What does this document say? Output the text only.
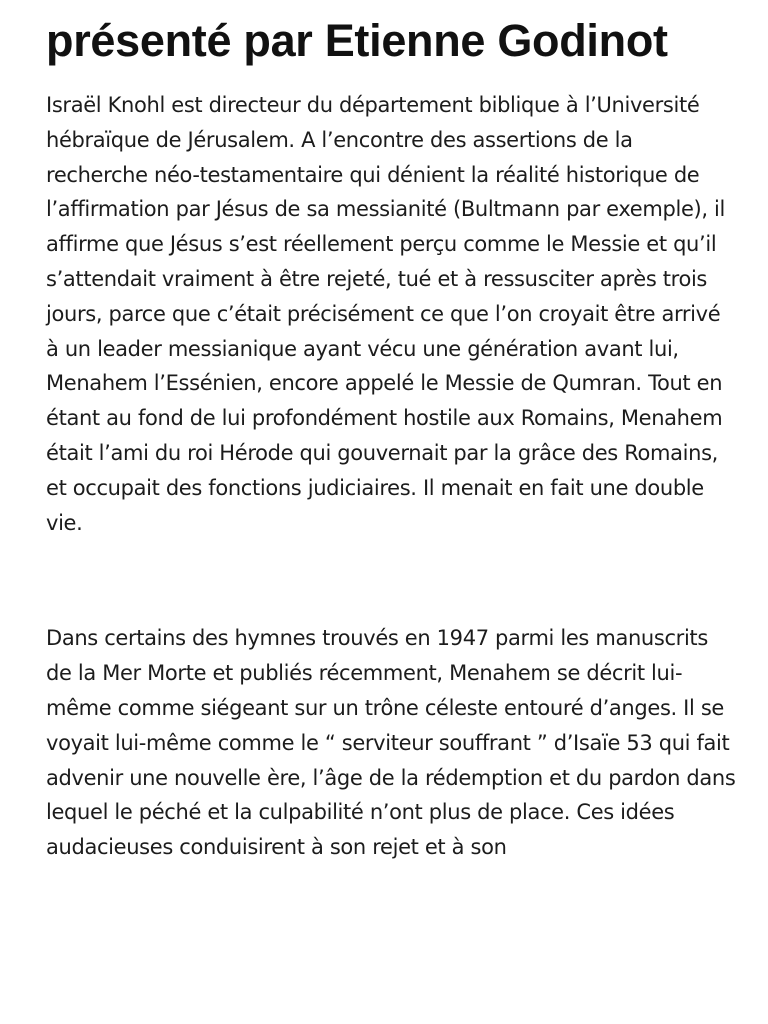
présenté par Etienne Godinot

Israël Knohl est directeur du département biblique à l’Université hébraïque de Jérusalem. A l’encontre des assertions de la recherche néo-testamentaire qui dénient la réalité historique de l’affirmation par Jésus de sa messianité (Bultmann par exemple), il affirme que Jésus s’est réellement perçu comme le Messie et qu’il s’attendait vraiment à être rejeté, tué et à ressusciter après trois jours, parce que c’était précisément ce que l’on croyait être arrivé à un leader messianique ayant vécu une génération avant lui, Menahem l’Essénien, encore appelé le Messie de Qumran. Tout en étant au fond de lui profondément hostile aux Romains, Menahem était l’ami du roi Hérode qui gouvernait par la grâce des Romains, et occupait des fonctions judiciaires. Il menait en fait une double vie.

Dans certains des hymnes trouvés en 1947 parmi les manuscrits de la Mer Morte et publiés récemment, Menahem se décrit lui-même comme siégeant sur un trône céleste entouré d’anges. Il se voyait lui-même comme le “ serviteur souffrant ” d’Isaïe 53 qui fait advenir une nouvelle ère, l’âge de la rédemption et du pardon dans lequel le péché et la culpabilité n’ont plus de place. Ces idées audacieuses conduisirent à son rejet et à son
